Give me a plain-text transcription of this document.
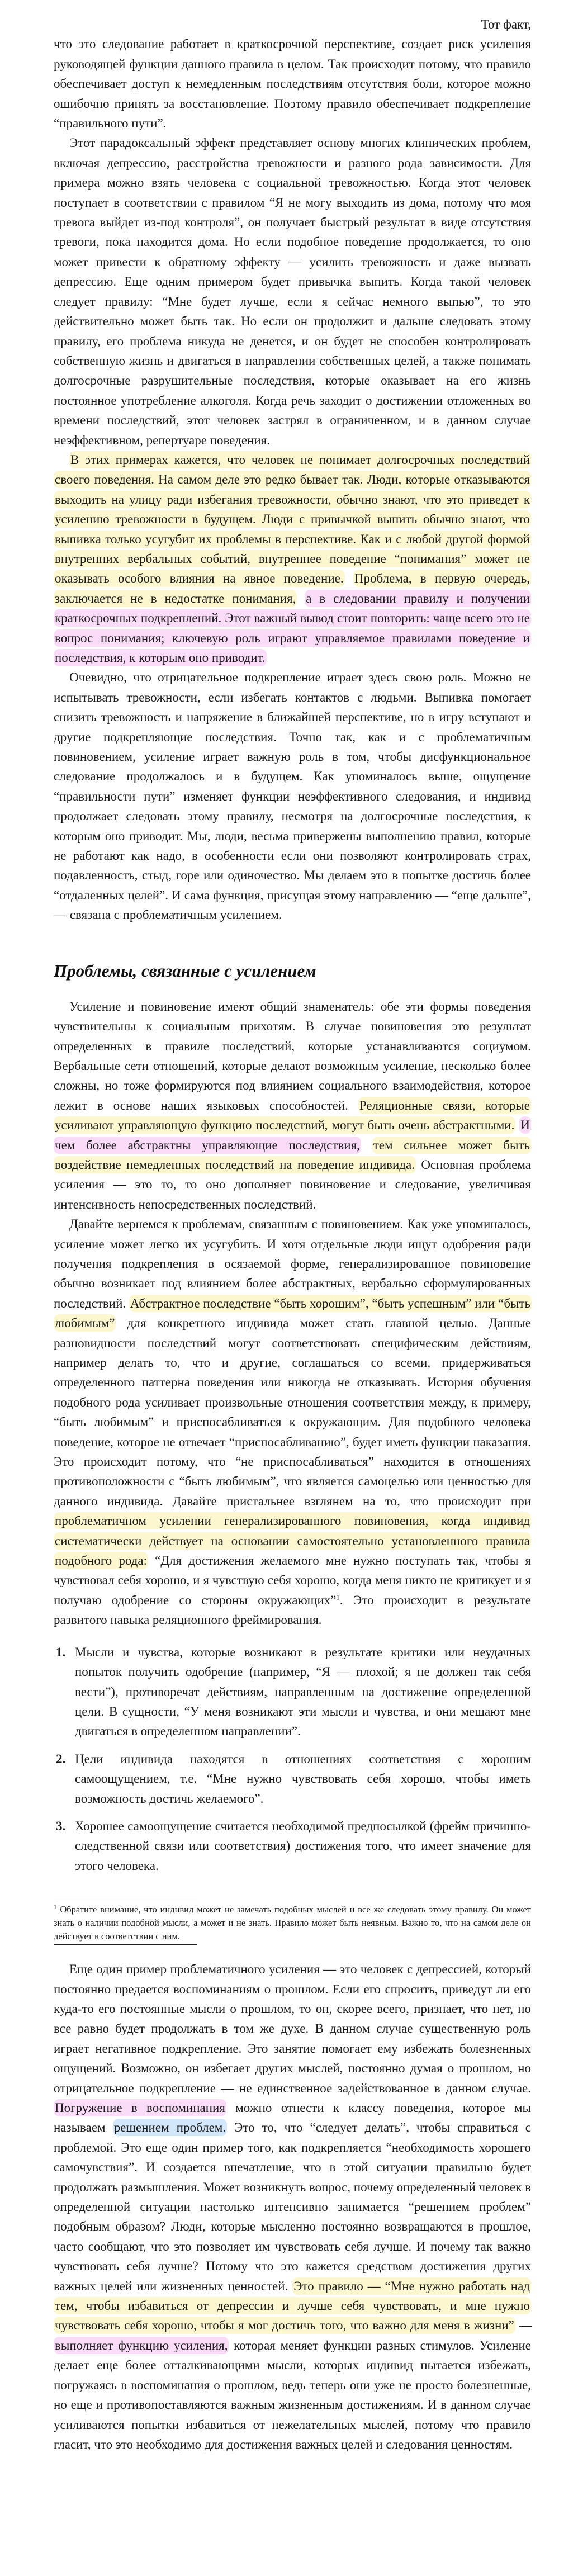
Тот факт,

что это следование работает в краткосрочной перспективе, создает риск усиления руководящей функции данного правила в целом. Так происходит потому, что правило обеспечивает доступ к немедленным последствиям отсутствия боли, которое можно ошибочно принять за восстановление. Поэтому правило обеспечивает подкрепление “правильного пути”.

Этот парадоксальный эффект представляет основу многих клинических проблем, включая депрессию, расстройства тревожности и разного рода зависимости. Для примера можно взять человека с социальной тревожностью. Когда этот человек поступает в соответствии с правилом “Я не могу выходить из дома, потому что моя тревога выйдет из-под контроля”, он получает быстрый результат в виде отсутствия тревоги, пока находится дома. Но если подобное поведение продолжается, то оно может привести к обратному эффекту — усилить тревожность и даже вызвать депрессию. Еще одним примером будет привычка выпить. Когда такой человек следует правилу: “Мне будет лучше, если я сейчас немного выпью”, то это действительно может быть так. Но если он продолжит и дальше следовать этому правилу, его проблема никуда не денется, и он будет не способен контролировать собственную жизнь и двигаться в направлении собственных целей, а также понимать долгосрочные разрушительные последствия, которые оказывает на его жизнь постоянное употребление алкоголя. Когда речь заходит о достижении отложенных во времени последствий, этот человек застрял в ограниченном, и в данном случае неэффективном, репертуаре поведения.

В этих примерах кажется, что человек не понимает долгосрочных последствий своего поведения. На самом деле это редко бывает так. Люди, которые отказываются выходить на улицу ради избегания тревожности, обычно знают, что это приведет к усилению тревожности в будущем. Люди с привычкой выпить обычно знают, что выпивка только усугубит их проблемы в перспективе. Как и с любой другой формой внутренних вербальных событий, внутреннее поведение “понимания” может не оказывать особого влияния на явное поведение. Проблема, в первую очередь, заключается не в недостатке понимания, а в следовании правилу и получении краткосрочных подкреплений. Этот важный вывод стоит повторить: чаще всего это не вопрос понимания; ключевую роль играют управляемое правилами поведение и последствия, к которым оно приводит.

Очевидно, что отрицательное подкрепление играет здесь свою роль. Можно не испытывать тревожности, если избегать контактов с людьми. Выпивка помогает снизить тревожность и напряжение в ближайшей перспективе, но в игру вступают и другие подкрепляющие последствия. Точно так, как и с проблематичным повиновением, усиление играет важную роль в том, чтобы дисфункциональное следование продолжалось и в будущем. Как упоминалось выше, ощущение “правильности пути” изменяет функции неэффективного следования, и индивид продолжает следовать этому правилу, несмотря на долгосрочные последствия, к которым оно приводит. Мы, люди, весьма привержены выполнению правил, которые не работают как надо, в особенности если они позволяют контролировать страх, подавленность, стыд, горе или одиночество. Мы делаем это в попытке достичь более “отдаленных целей”. И сама функция, присущая этому направлению — “еще дальше”, — связана с проблематичным усилением.

Проблемы, связанные с усилением

Усиление и повиновение имеют общий знаменатель: обе эти формы поведения чувствительны к социальным прихотям. В случае повиновения это результат определенных в правиле последствий, которые устанавливаются социумом. Вербальные сети отношений, которые делают возможным усиление, несколько более сложны, но тоже формируются под влиянием социального взаимодействия, которое лежит в основе наших языковых способностей. Реляционные связи, которые усиливают управляющую функцию последствий, могут быть очень абстрактными. И чем более абстрактны управляющие последствия, тем сильнее может быть воздействие немедленных последствий на поведение индивида. Основная проблема усиления — это то, то оно дополняет повиновение и следование, увеличивая интенсивность непосредственных последствий.

Давайте вернемся к проблемам, связанным с повиновением. Как уже упоминалось, усиление может легко их усугубить. И хотя отдельные люди ищут одобрения ради получения подкрепления в осязаемой форме, генерализированное повиновение обычно возникает под влиянием более абстрактных, вербально сформулированных последствий. Абстрактное последствие “быть хорошим”, “быть успешным” или “быть любимым” для конкретного индивида может стать главной целью. Данные разновидности последствий могут соответствовать специфическим действиям, например делать то, что и другие, соглашаться со всеми, придерживаться определенного паттерна поведения или никогда не отказывать. История обучения подобного рода усиливает произвольные отношения соответствия между, к примеру, “быть любимым” и приспосабливаться к окружающим. Для подобного человека поведение, которое не отвечает “приспосабливанию”, будет иметь функции наказания. Это происходит потому, что “не приспосабливаться” находится в отношениях противоположности с “быть любимым”, что является самоцелью или ценностью для данного индивида. Давайте пристальнее взглянем на то, что происходит при проблематичном усилении генерализированного повиновения, когда индивид систематически действует на основании самостоятельно установленного правила подобного рода: “Для достижения желаемого мне нужно поступать так, чтобы я чувствовал себя хорошо, и я чувствую себя хорошо, когда меня никто не критикует и я получаю одобрение со стороны окружающих”$^1$. Это происходит в результате развитого навыка реляционного фреймирования.

1. Мысли и чувства, которые возникают в результате критики или неудачных попыток получить одобрение (например, “Я — плохой; я не должен так себя вести”), противоречат действиям, направленным на достижение определенной цели. В сущности, “У меня возникают эти мысли и чувства, и они мешают мне двигаться в определенном направлении”.
2. Цели индивида находятся в отношениях соответствия с хорошим самоощущением, т.е. “Мне нужно чувствовать себя хорошо, чтобы иметь возможность достичь желаемого”.
3. Хорошее самоощущение считается необходимой предпосылкой (фрейм причинно-следственной связи или соответствия) достижения того, что имеет значение для этого человека.

$^1$ Обратите внимание, что индивид может не замечать подобных мыслей и все же следовать этому правилу. Он может знать о наличии подобной мысли, а может и не знать. Правило может быть неявным. Важно то, что на самом деле он действует в соответствии с ним.

Еще один пример проблематичного усиления — это человек с депрессией, который постоянно предается воспоминаниям о прошлом. Если его спросить, приведут ли его куда-то его постоянные мысли о прошлом, то он, скорее всего, признает, что нет, но все равно будет продолжать в том же духе. В данном случае существенную роль играет негативное подкрепление. Это занятие помогает ему избежать болезненных ощущений. Возможно, он избегает других мыслей, постоянно думая о прошлом, но отрицательное подкрепление — не единственное задействованное в данном случае. Погружение в воспоминания можно отнести к классу поведения, которое мы называем решением проблем. Это то, что “следует делать”, чтобы справиться с проблемой. Это еще один пример того, как подкрепляется “необходимость хорошего самочувствия”. И создается впечатление, что в этой ситуации правильно будет продолжать размышления. Может возникнуть вопрос, почему определенный человек в определенной ситуации настолько интенсивно занимается “решением проблем” подобным образом? Люди, которые мысленно постоянно возвращаются в прошлое, часто сообщают, что это позволяет им чувствовать себя лучше. И почему так важно чувствовать себя лучше? Потому что это кажется средством достижения других важных целей или жизненных ценностей. Это правило — “Мне нужно работать над тем, чтобы избавиться от депрессии и лучше себя чувствовать, и мне нужно чувствовать себя хорошо, чтобы я мог достичь того, что важно для меня в жизни” — выполняет функцию усиления, которая меняет функции разных стимулов. Усиление делает еще более отталкивающими мысли, которых индивид пытается избежать, погружаясь в воспоминания о прошлом, ведь теперь они уже не просто болезненные, но еще и противопоставляются важным жизненным достижениям. И в данном случае усиливаются попытки избавиться от нежелательных мыслей, потому что правило гласит, что это необходимо для достижения важных целей и следования ценностям.
